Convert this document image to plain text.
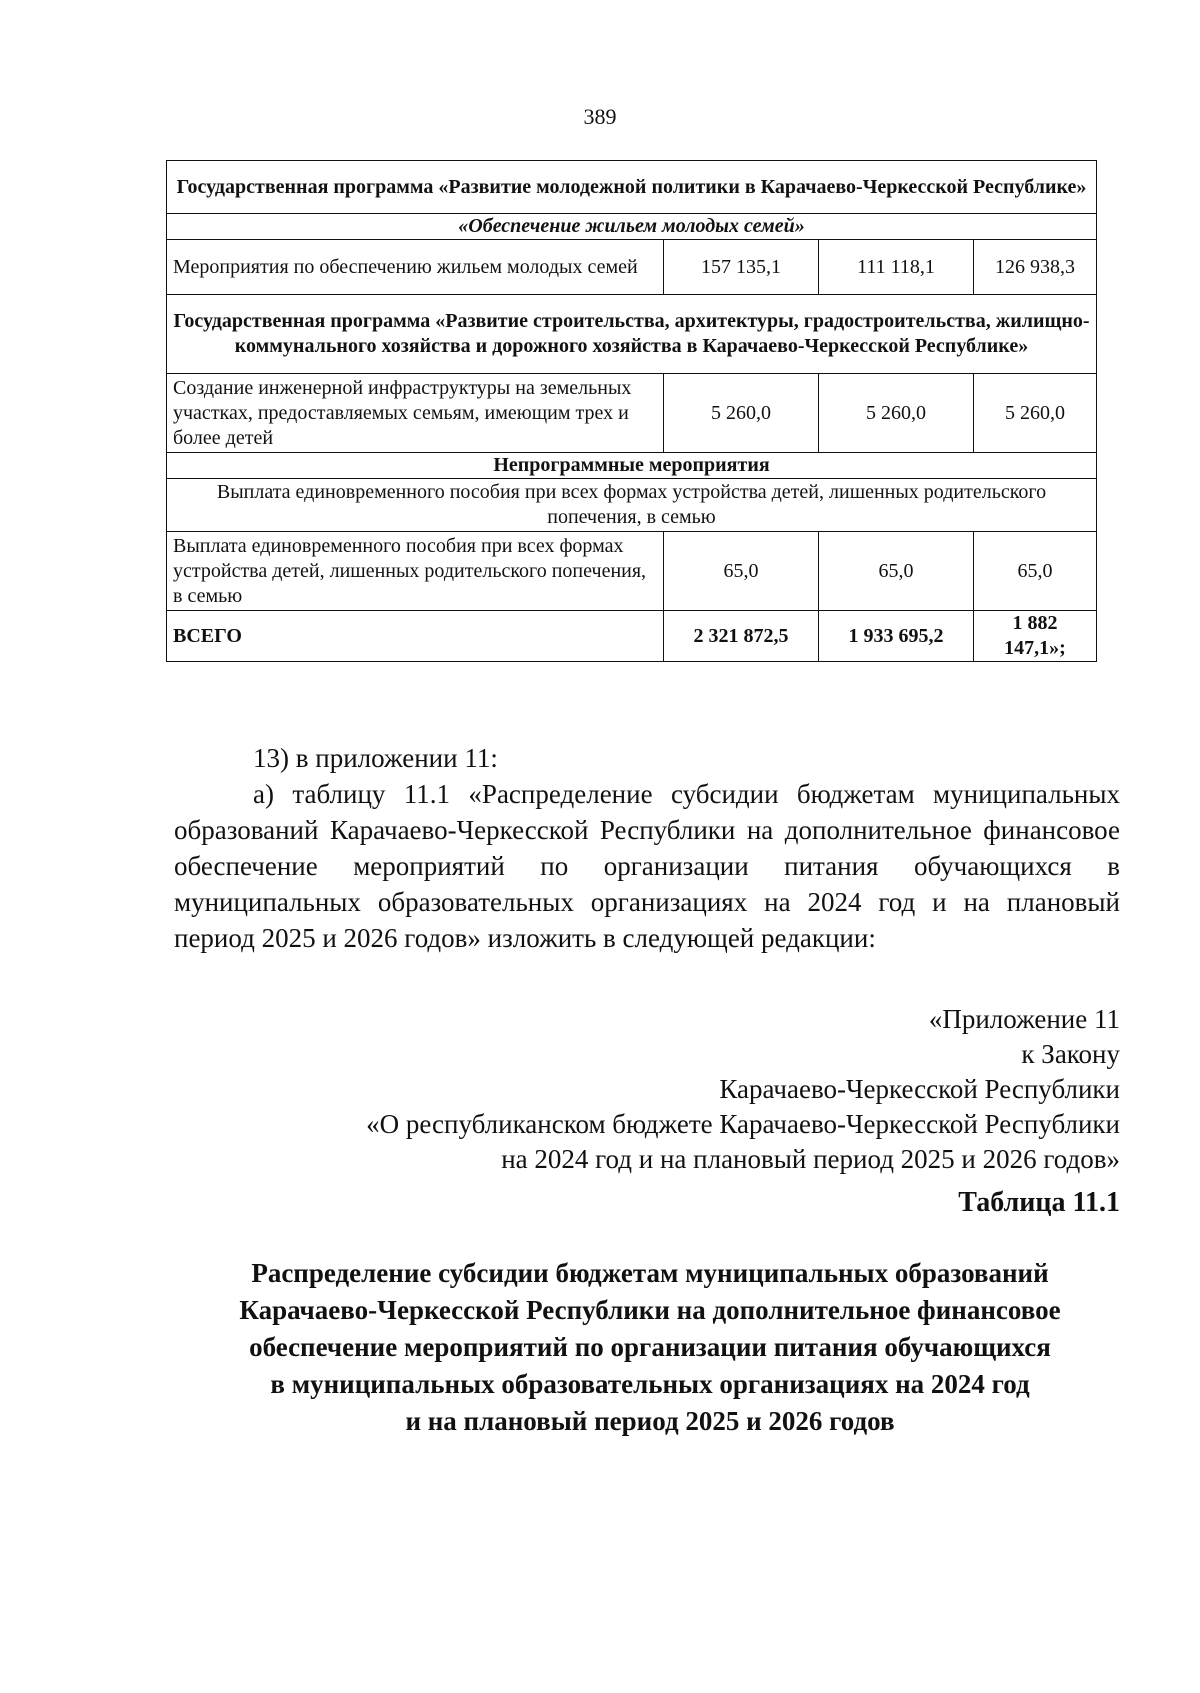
389
Государственная программа «Развитие молодежной политики в Карачаево-Черкесской Республике»			
«Обеспечение жильем молодых семей»			
Мероприятия по обеспечению жильем молодых семей	157 135,1	111 118,1	126 938,3
Государственная программа «Развитие строительства, архитектуры, градостроительства, жилищно-коммунального хозяйства и дорожного хозяйства в Карачаево-Черкесской Республике»			
Создание инженерной инфраструктуры на земельных участках, предоставляемых семьям, имеющим трех и более детей	5 260,0	5 260,0	5 260,0
Непрограммные мероприятия			
Выплата единовременного пособия при всех формах устройства детей, лишенных родительского попечения, в семью			
Выплата единовременного пособия при всех формах устройства детей, лишенных родительского попечения, в семью	65,0	65,0	65,0
ВСЕГО	2 321 872,5	1 933 695,2	1 882 147,1»;
13) в приложении 11:
а) таблицу 11.1 «Распределение субсидии бюджетам муниципальных образований Карачаево-Черкесской Республики на дополнительное финансовое обеспечение мероприятий по организации питания обучающихся в муниципальных образовательных организациях на 2024 год и на плановый период 2025 и 2026 годов» изложить в следующей редакции:
«Приложение 11
к Закону
Карачаево-Черкесской Республики
«О республиканском бюджете Карачаево-Черкесской Республики
на 2024 год и на плановый период 2025 и 2026 годов»
Таблица 11.1
Распределение субсидии бюджетам муниципальных образований
Карачаево-Черкесской Республики на дополнительное финансовое
обеспечение мероприятий по организации питания обучающихся
в муниципальных образовательных организациях на 2024 год
и на плановый период 2025 и 2026 годов
